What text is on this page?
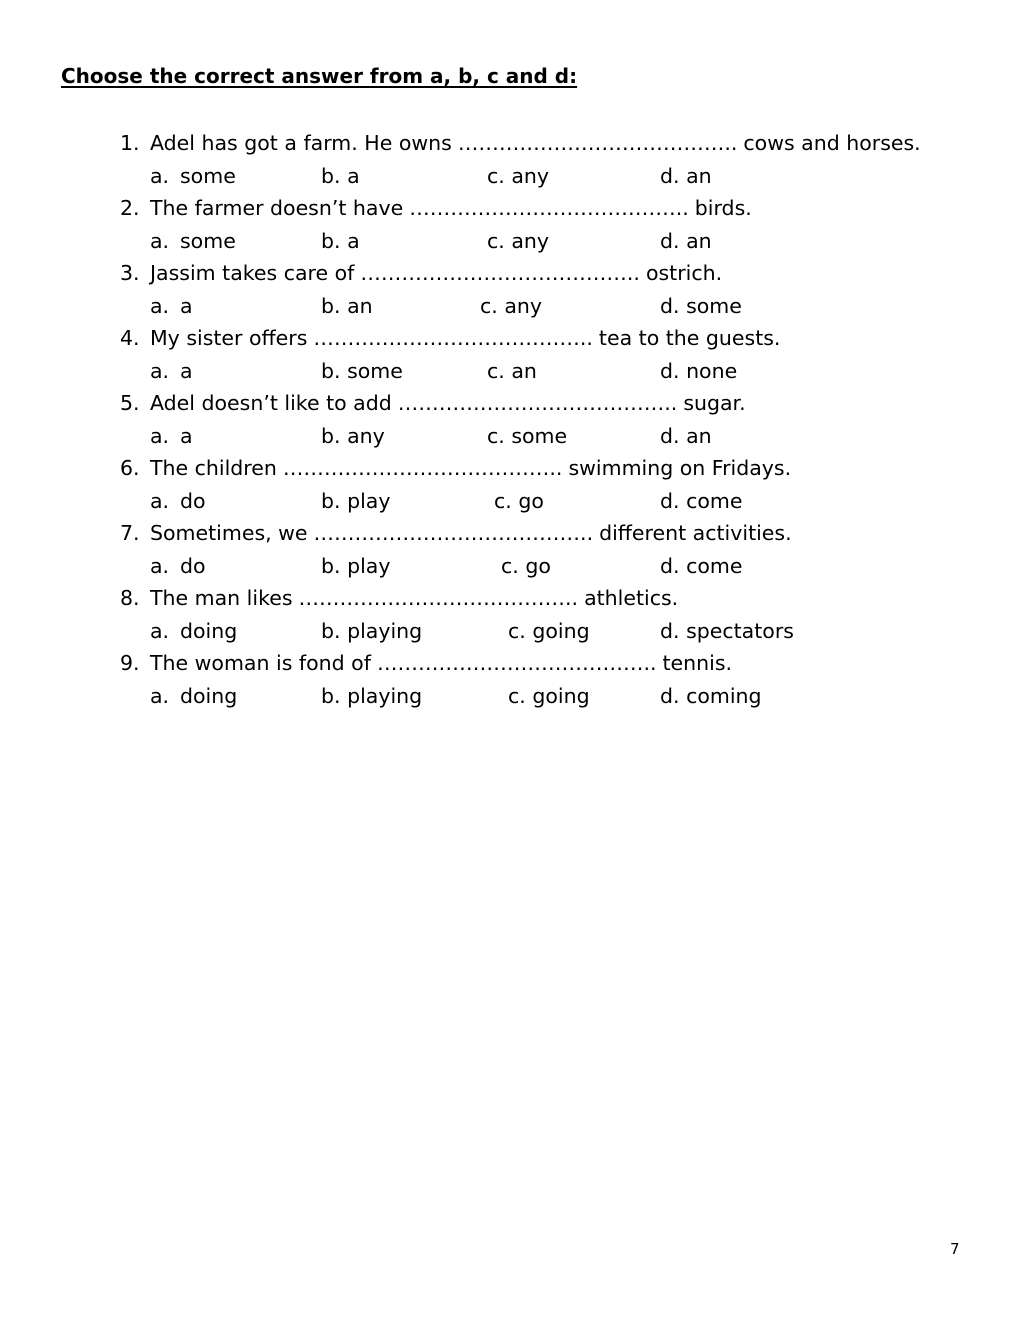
Choose the correct answer from a, b, c and d:
1. Adel has got a farm. He owns ………………………………….. cows and horses.
a. some	b. a	c. any	d. an
2. The farmer doesn’t have ………………………………….. birds.
a. some	b. a	c. any	d. an
3. Jassim takes care of ………………………………….. ostrich.
a. a	b. an	c. any	d. some
4. My sister offers ………………………………….. tea to the guests.
a. a	b. some	c. an	d. none
5. Adel doesn’t like to add ………………………………….. sugar.
a. a	b. any	c. some	d. an
6. The children ………………………………….. swimming on Fridays.
a. do	b. play	c. go	d. come
7. Sometimes, we ………………………………….. different activities.
a. do	b. play	c. go	d. come
8. The man likes ………………………………….. athletics.
a. doing	b. playing	c. going	d. spectators
9. The woman is fond of ………………………………….. tennis.
a. doing	b. playing	c. going	d. coming
7
